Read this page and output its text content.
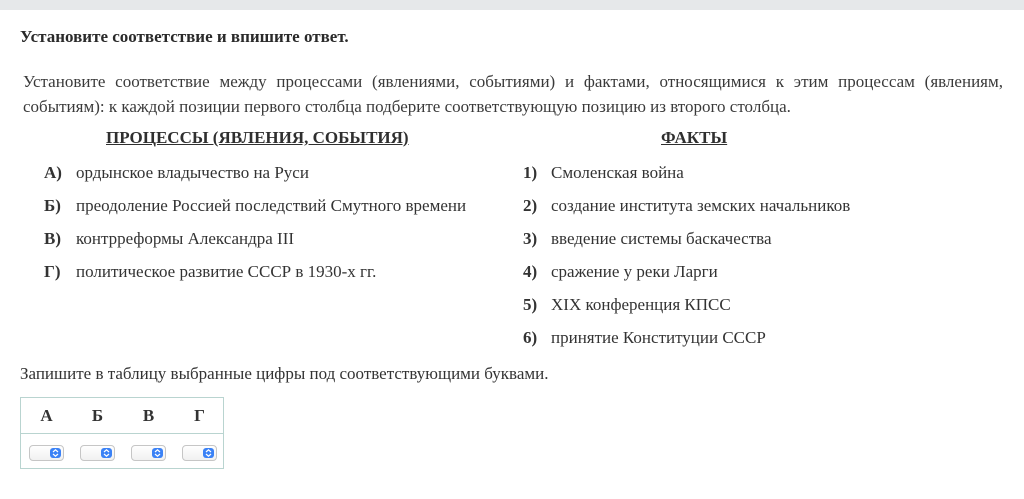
Установите соответствие и впишите ответ.
Установите соответствие между процессами (явлениями, событиями) и фактами, относящимися к этим процессам (явлениям, событиям): к каждой позиции первого столбца подберите соответствующую позицию из второго столбца.
ПРОЦЕССЫ (ЯВЛЕНИЯ, СОБЫТИЯ)	ФАКТЫ
А) ордынское владычество на Руси
Б) преодоление Россией последствий Смутного времени
В) контрреформы Александра III
Г) политическое развитие СССР в 1930-х гг.
1) Смоленская война
2) создание института земских начальников
3) введение системы баскачества
4) сражение у реки Ларги
5) XIX конференция КПСС
6) принятие Конституции СССР
Запишите в таблицу выбранные цифры под соответствующими буквами.
А	Б	В	Г
